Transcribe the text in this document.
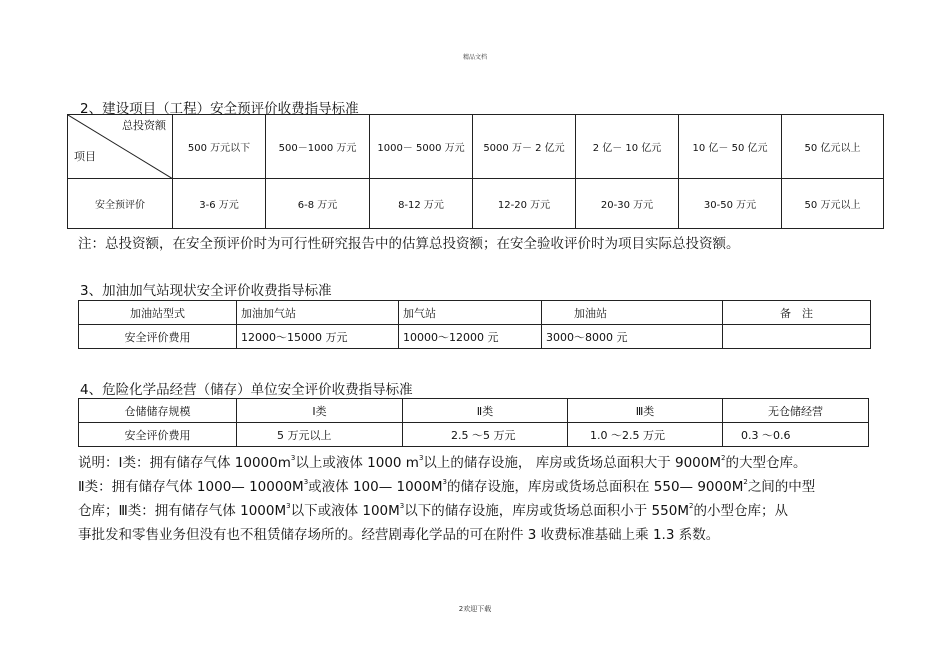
精品文档
2、建设项目（工程）安全预评价收费指导标准
总投资额
项目	500 万元以下	500－1000 万元	1000－ 5000 万元	5000 万－ 2 亿元	2 亿－ 10 亿元	10 亿－ 50 亿元	50 亿元以上
安全预评价	3-6 万元	6-8 万元	8-12 万元	12-20 万元	20-30 万元	30-50 万元	50 万元以上
注：总投资额，在安全预评价时为可行性研究报告中的估算总投资额；在安全验收评价时为项目实际总投资额。
3、加油加气站现状安全评价收费指导标准
加油站型式	加油加气站	加气站	加油站	备　注
安全评价费用	12000～15000 万元	10000～12000 元	3000～8000 元	
4、危险化学品经营（储存）单位安全评价收费指导标准
仓储储存规模	Ⅰ类	Ⅱ类	Ⅲ类	无仓储经营
安全评价费用	5 万元以上	2.5 ～5 万元	1.0 ～2.5 万元	0.3 ～0.6
说明：Ⅰ类：拥有储存气体 $10000m^3$以上或液体 1000 $m^3$以上的储存设施， 库房或货场总面积大于 $9000M^2$的大型仓库。
Ⅱ类：拥有储存气体 1000— $10000M^3$或液体 100— $1000M^3$的储存设施，库房或货场总面积在 550— $9000M^2$之间的中型
仓库；Ⅲ类：拥有储存气体 $1000M^3$以下或液体 $100M^3$以下的储存设施，库房或货场总面积小于 $550M^2$的小型仓库；从
事批发和零售业务但没有也不租赁储存场所的。经营剧毒化学品的可在附件 3 收费标准基础上乘 1.3 系数。
2欢迎下载
